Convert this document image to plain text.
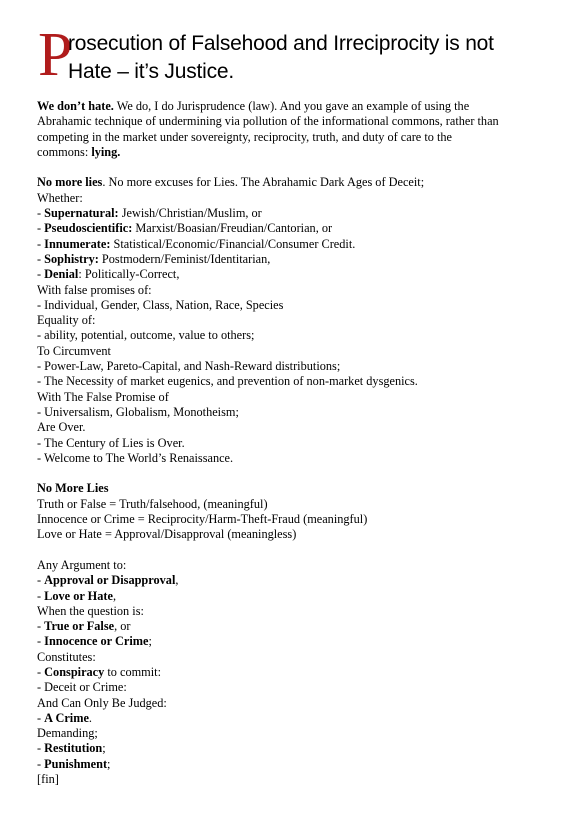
P
rosecution of Falsehood and Irreciprocity is not
Hate – it’s Justice.
We don’t hate. We do, I do Jurisprudence (law). And you gave an example of using the
Abrahamic technique of undermining via pollution of the informational commons, rather than
competing in the market under sovereignty, reciprocity, truth, and duty of care to the
commons: lying.
No more lies. No more excuses for Lies. The Abrahamic Dark Ages of Deceit;
Whether:
- Supernatural: Jewish/Christian/Muslim, or
- Pseudoscientific: Marxist/Boasian/Freudian/Cantorian, or
- Innumerate: Statistical/Economic/Financial/Consumer Credit.
- Sophistry: Postmodern/Feminist/Identitarian,
- Denial: Politically-Correct,
With false promises of:
- Individual, Gender, Class, Nation, Race, Species
Equality of:
- ability, potential, outcome, value to others;
To Circumvent
- Power-Law, Pareto-Capital, and Nash-Reward distributions;
- The Necessity of market eugenics, and prevention of non-market dysgenics.
With The False Promise of
- Universalism, Globalism, Monotheism;
Are Over.
- The Century of Lies is Over.
- Welcome to The World’s Renaissance.
No More Lies
Truth or False = Truth/falsehood, (meaningful)
Innocence or Crime = Reciprocity/Harm-Theft-Fraud (meaningful)
Love or Hate = Approval/Disapproval (meaningless)
Any Argument to:
- Approval or Disapproval,
- Love or Hate,
When the question is:
- True or False, or
- Innocence or Crime;
Constitutes:
- Conspiracy to commit:
- Deceit or Crime:
And Can Only Be Judged:
- A Crime.
Demanding;
- Restitution;
- Punishment;
[fin]
